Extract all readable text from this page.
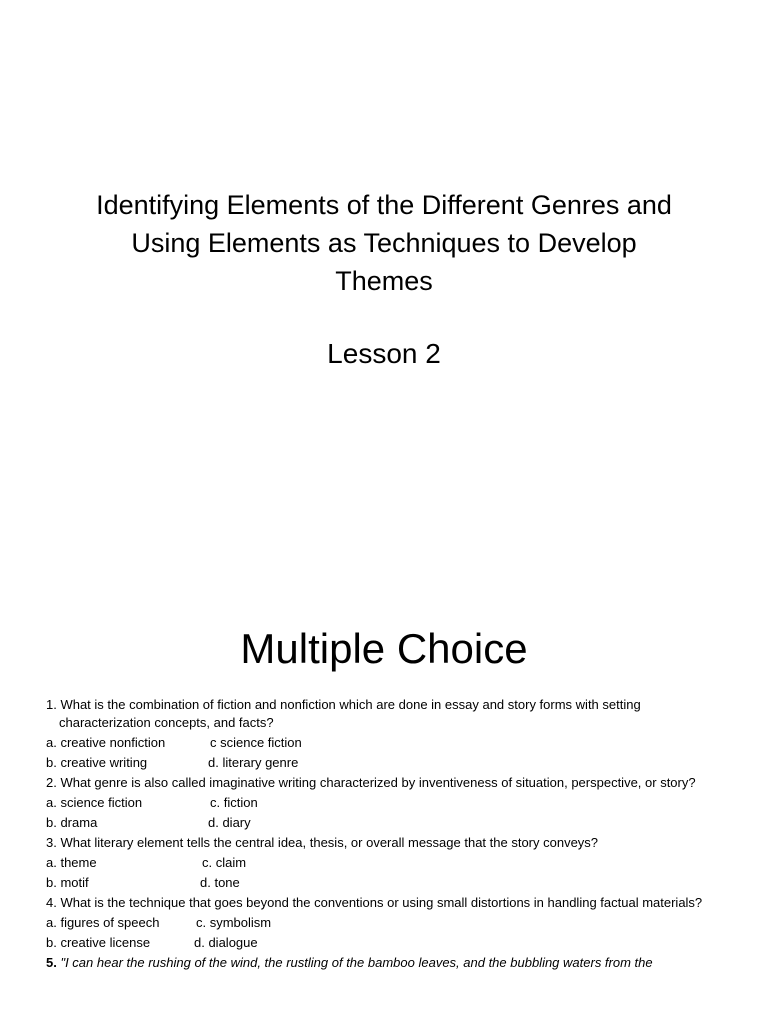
Identifying Elements of the Different Genres and
Using Elements as Techniques to Develop
Themes
Lesson 2
Multiple Choice
1. What is the combination of fiction and nonfiction which are done in essay and story forms with setting characterization concepts, and facts?
a. creative nonfiction	c science fiction
b. creative writing	d. literary genre
2. What genre is also called imaginative writing characterized by inventiveness of situation, perspective, or story?
a. science fiction	c. fiction
b. drama	d. diary
3. What literary element tells the central idea, thesis, or overall message that the story conveys?
a. theme	c. claim
b. motif	d. tone
4. What is the technique that goes beyond the conventions or using small distortions in handling factual materials?
a. figures of speech	c. symbolism
b. creative license	d. dialogue
5. "I can hear the rushing of the wind, the rustling of the bamboo leaves, and the bubbling waters from the
